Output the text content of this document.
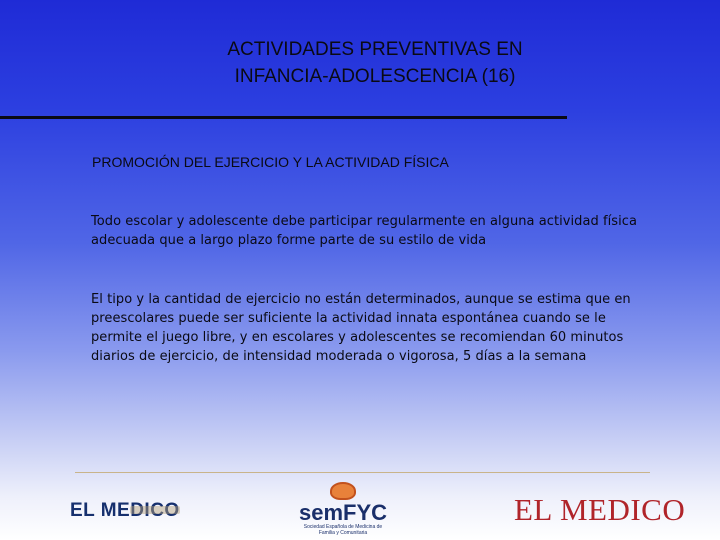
ACTIVIDADES PREVENTIVAS EN
INFANCIA-ADOLESCENCIA (16)
PROMOCIÓN DEL EJERCICIO Y LA ACTIVIDAD FÍSICA
Todo escolar y adolescente debe participar regularmente en alguna actividad física adecuada que a largo plazo forme parte de su estilo de vida
El tipo y la cantidad de ejercicio no están determinados, aunque se estima que en preescolares puede ser suficiente la actividad innata espontánea cuando se le permite el juego libre, y en escolares y adolescentes se recomiendan 60 minutos diarios de ejercicio, de intensidad moderada o vigorosa, 5 días a la semana
EL MEDICO	semFYC
Sociedad Española de Medicina de Familia y Comunitaria
EL MEDICO
